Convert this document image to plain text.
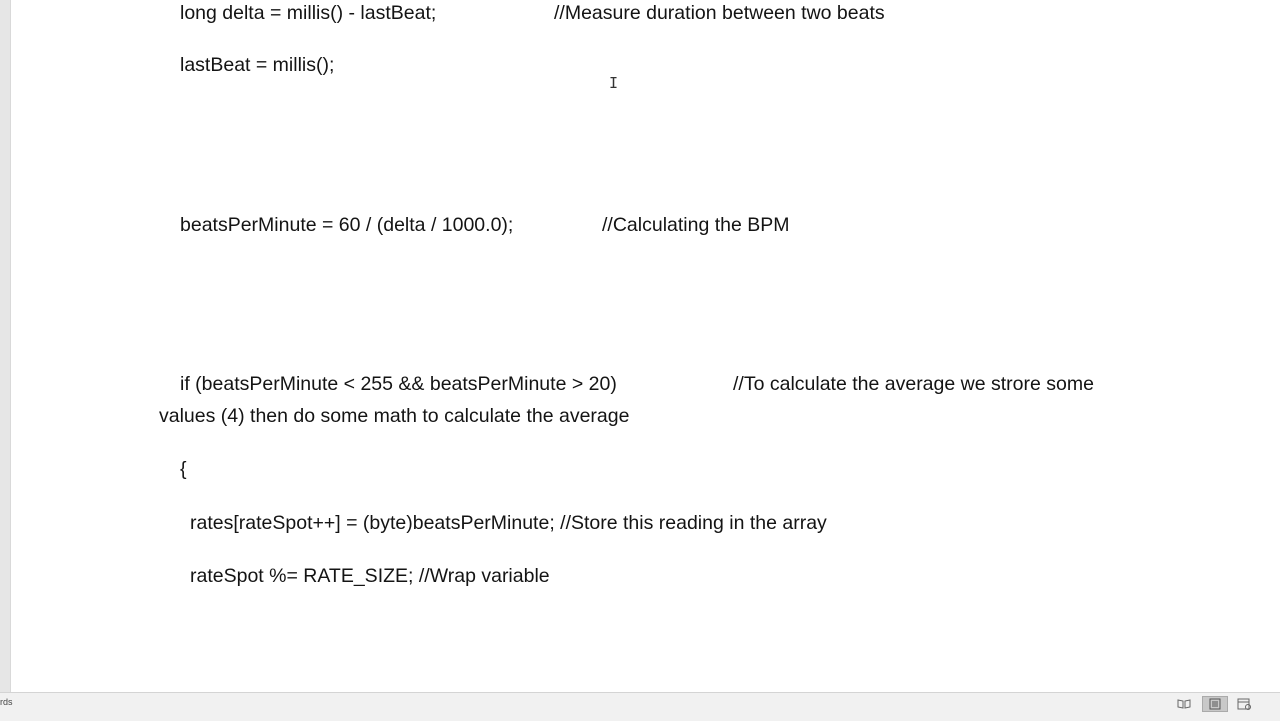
long delta = millis() - lastBeat;	//Measure duration between two beats
lastBeat = millis();
I
beatsPerMinute = 60 / (delta / 1000.0);	//Calculating the BPM
if (beatsPerMinute < 255 && beatsPerMinute > 20)	//To calculate the average we strore some
values (4) then do some math to calculate the average
{
rates[rateSpot++] = (byte)beatsPerMinute; //Store this reading in the array
rateSpot %= RATE_SIZE; //Wrap variable
rds
